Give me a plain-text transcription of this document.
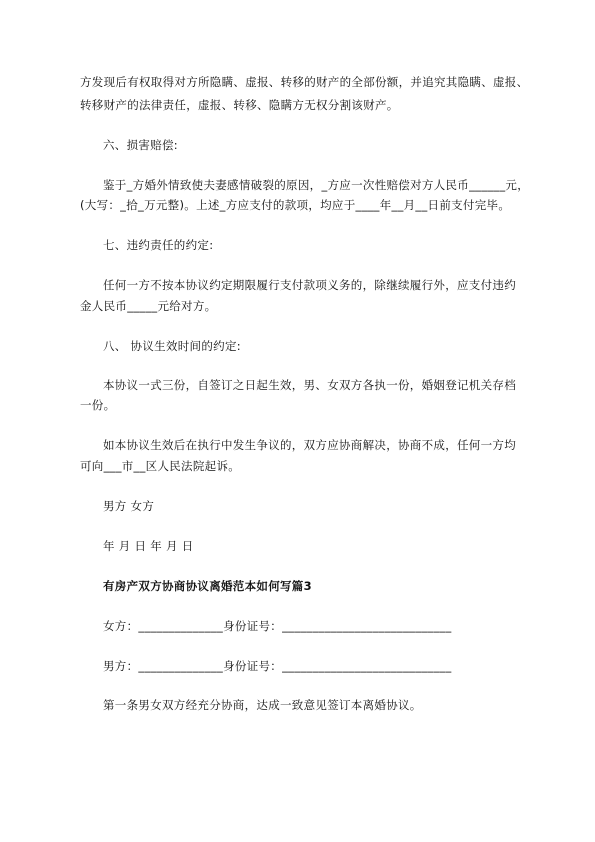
方发现后有权取得对方所隐瞒、虚报、转移的财产的全部份额，并追究其隐瞒、虚报、

转移财产的法律责任，虚报、转移、隐瞒方无权分割该财产。

六、损害赔偿:

鉴于_方婚外情致使夫妻感情破裂的原因，_方应一次性赔偿对方人民币______元，

(大写：_拾_万元整)。上述_方应支付的款项，均应于____年__月__日前支付完毕。

七、违约责任的约定:

任何一方不按本协议约定期限履行支付款项义务的，除继续履行外，应支付违约

金人民币_____元给对方。

八、 协议生效时间的约定:

本协议一式三份，自签订之日起生效，男、女双方各执一份，婚姻登记机关存档

一份。

如本协议生效后在执行中发生争议的，双方应协商解决，协商不成，任何一方均

可向___市__区人民法院起诉。

男方 女方

年 月 日 年 月 日

有房产双方协商协议离婚范本如何写篇3

女方：______________身份证号：____________________________

男方：______________身份证号：____________________________

第一条男女双方经充分协商，达成一致意见签订本离婚协议。
